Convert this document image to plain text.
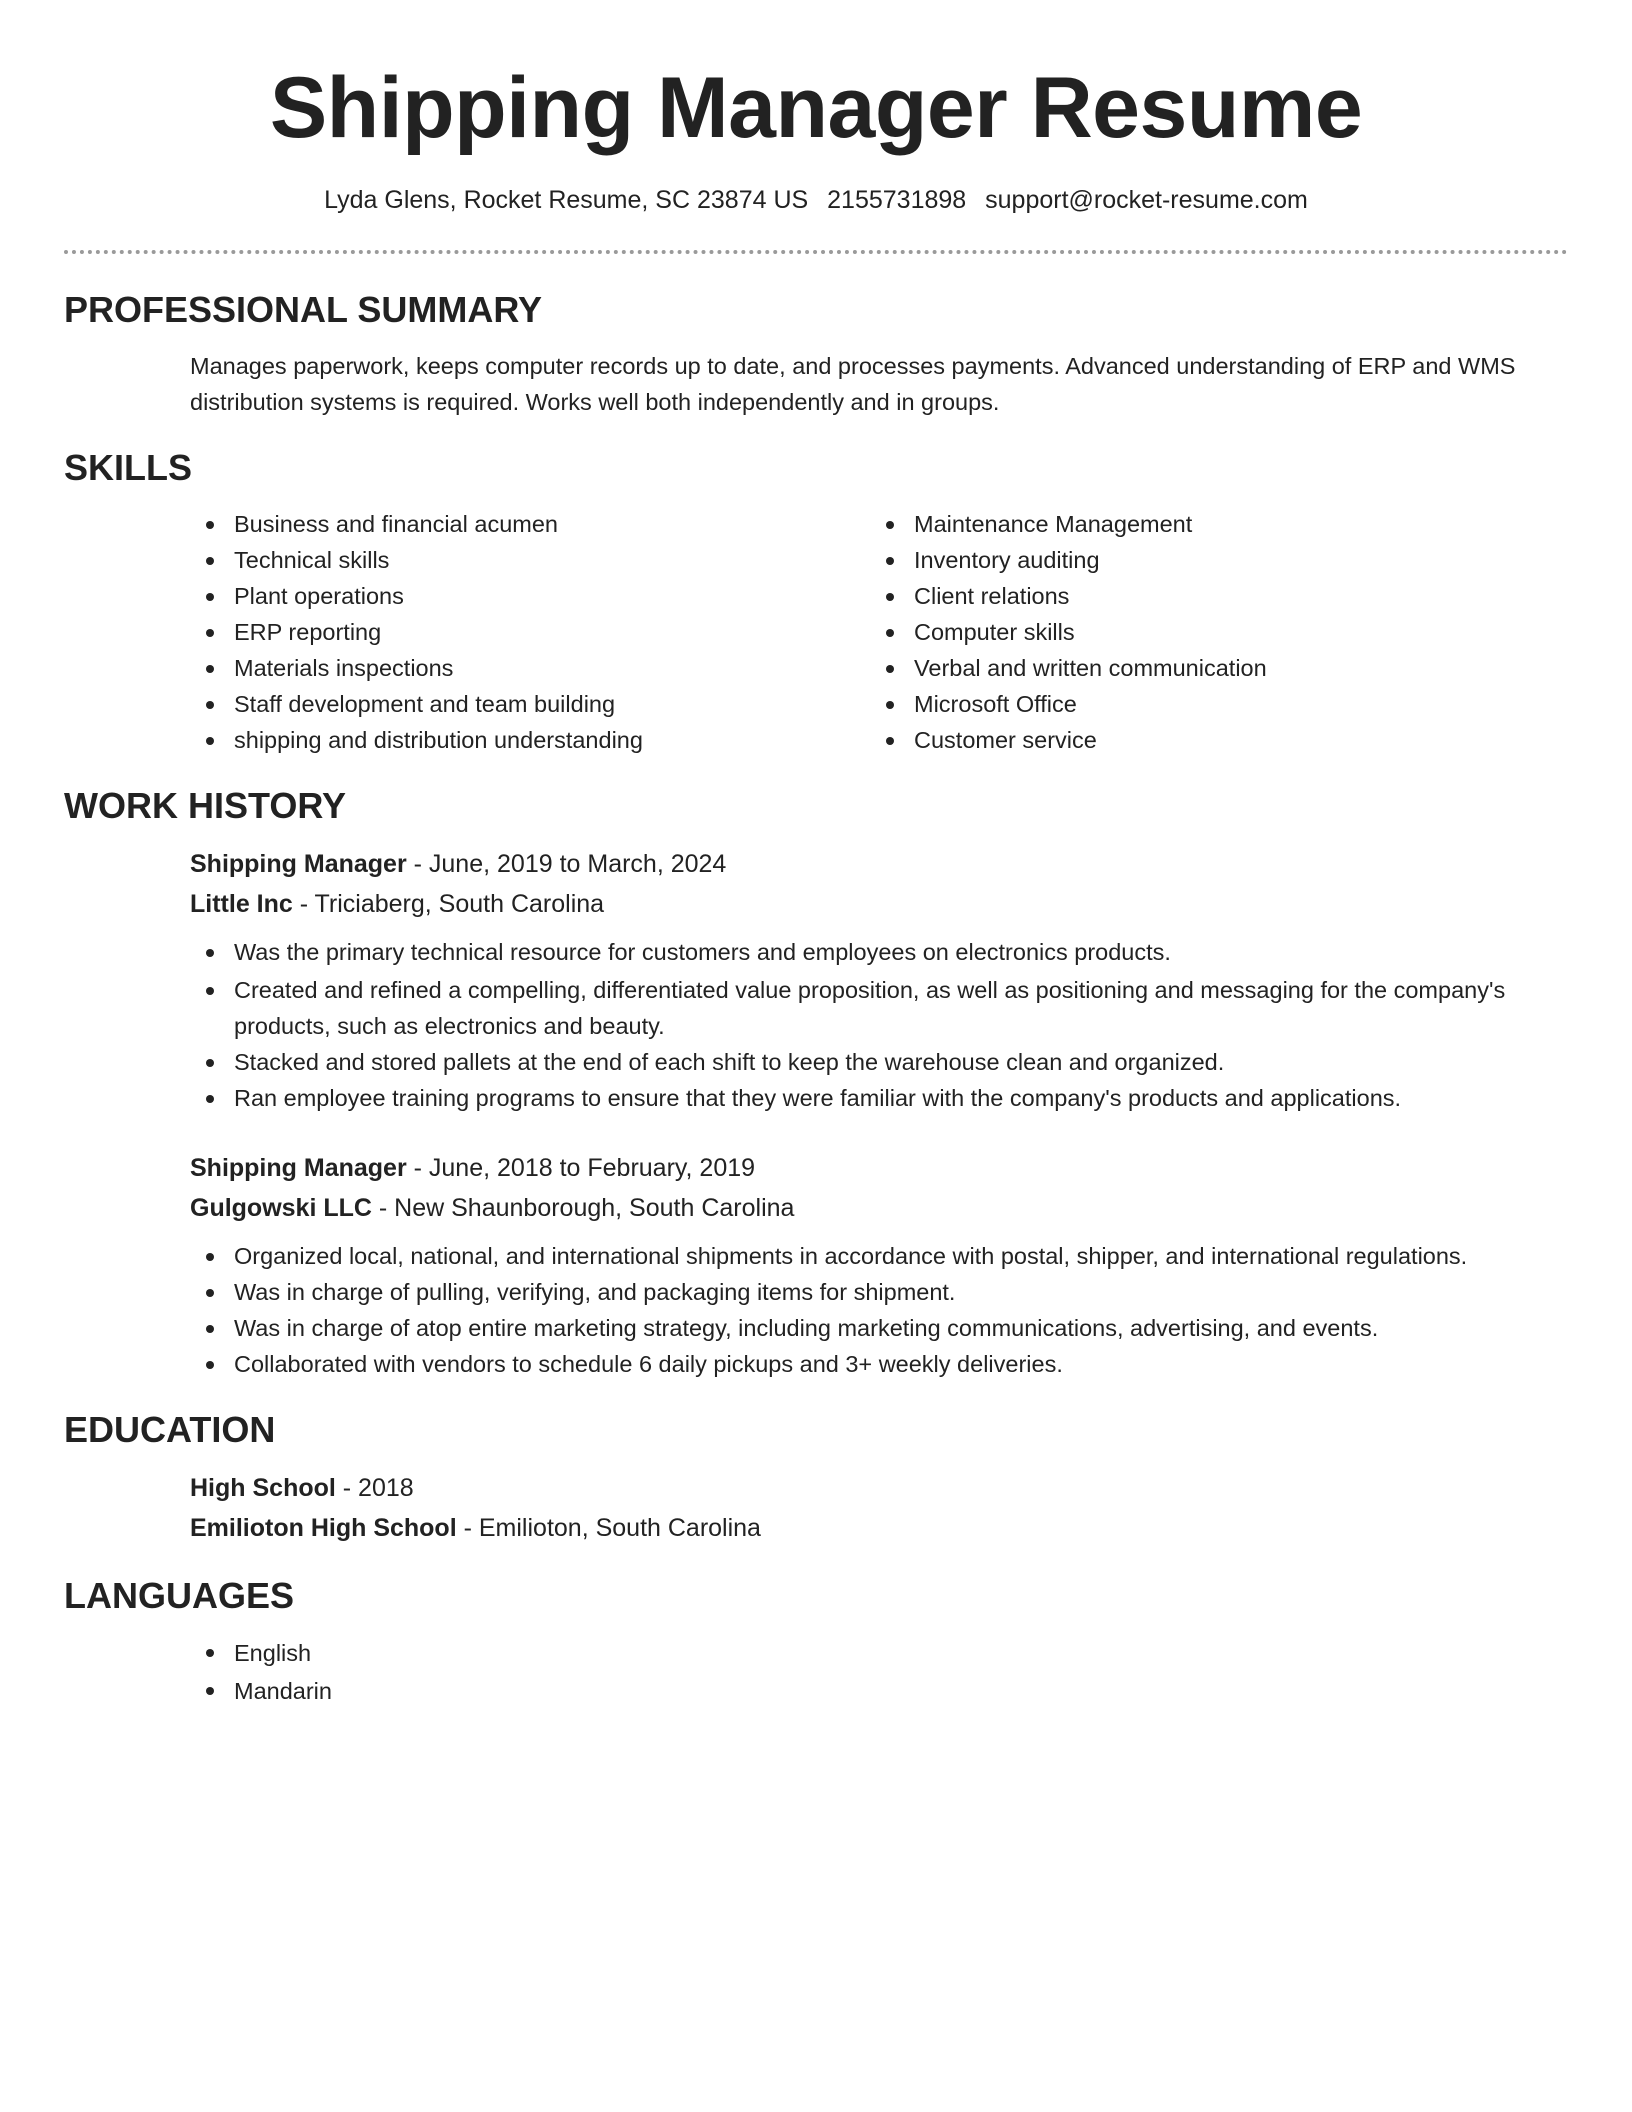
Shipping Manager Resume
Lyda Glens, Rocket Resume, SC 23874 US 2155731898 support@rocket-resume.com
PROFESSIONAL SUMMARY

Manages paperwork, keeps computer records up to date, and processes payments. Advanced understanding of ERP and WMS distribution systems is required. Works well both independently and in groups.

SKILLS
Business and financial acumen
Technical skills
Plant operations
ERP reporting
Materials inspections
Staff development and team building
shipping and distribution understanding
Maintenance Management
Inventory auditing
Client relations
Computer skills
Verbal and written communication
Microsoft Office
Customer service
WORK HISTORY
Shipping Manager - June, 2019 to March, 2024
Little Inc - Triciaberg, South Carolina
Was the primary technical resource for customers and employees on electronics products.
Created and refined a compelling, differentiated value proposition, as well as positioning and messaging for the company's products, such as electronics and beauty.
Stacked and stored pallets at the end of each shift to keep the warehouse clean and organized.
Ran employee training programs to ensure that they were familiar with the company's products and applications.
Shipping Manager - June, 2018 to February, 2019
Gulgowski LLC - New Shaunborough, South Carolina
Organized local, national, and international shipments in accordance with postal, shipper, and international regulations.
Was in charge of pulling, verifying, and packaging items for shipment.
Was in charge of atop entire marketing strategy, including marketing communications, advertising, and events.
Collaborated with vendors to schedule 6 daily pickups and 3+ weekly deliveries.
EDUCATION
High School - 2018
Emilioton High School - Emilioton, South Carolina
LANGUAGES
English
Mandarin
